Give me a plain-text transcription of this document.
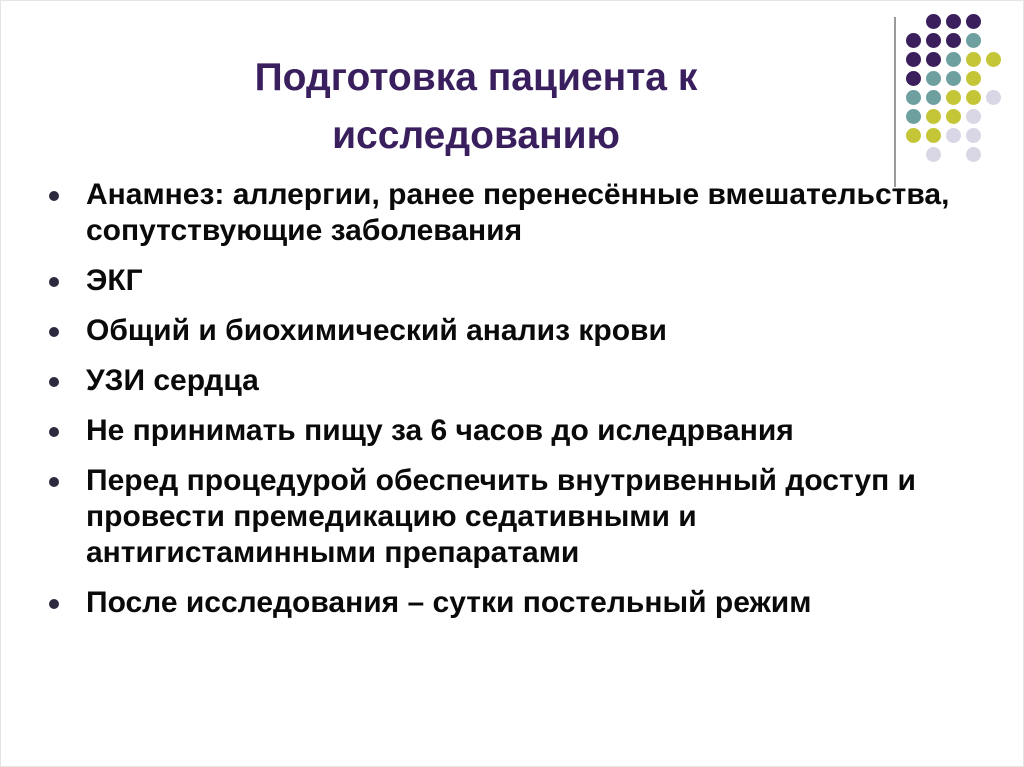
Подготовка пациента к исследованию
Анамнез: аллергии, ранее перенесённые вмешательства, сопутствующие заболевания
ЭКГ
Общий и биохимический анализ крови
УЗИ сердца
Не принимать пищу за 6 часов до иследрвания
Перед процедурой обеспечить внутривенный доступ и провести премедикацию седативными и антигистаминными препаратами
После исследования – сутки постельный режим
